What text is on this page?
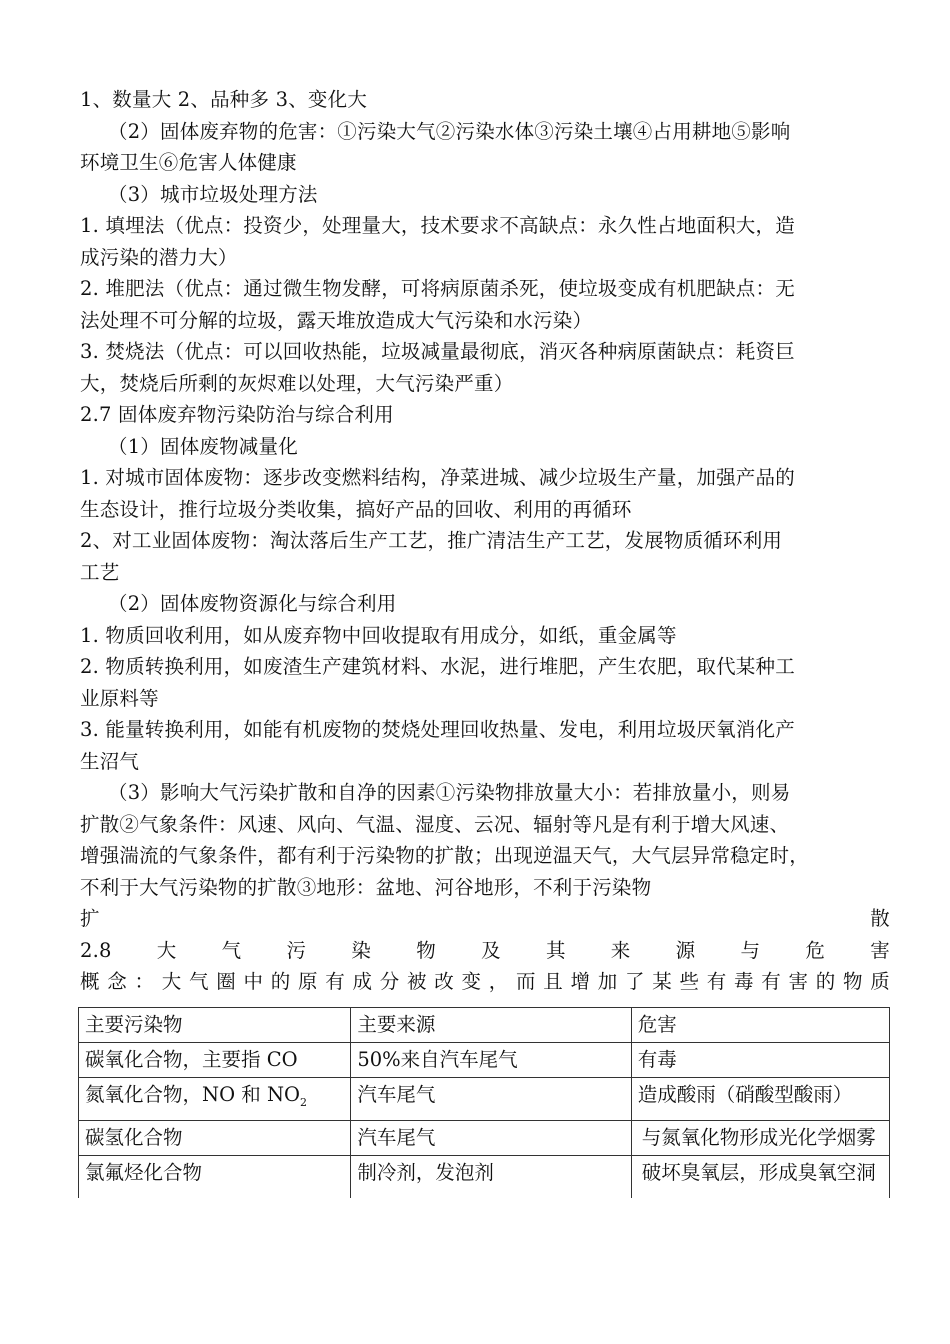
1、数量大 2、品种多 3、变化大
（2）固体废弃物的危害：①污染大气②污染水体③污染土壤④占用耕地⑤影响
环境卫生⑥危害人体健康
（3）城市垃圾处理方法
1. 填埋法（优点：投资少，处理量大，技术要求不高缺点：永久性占地面积大，造
成污染的潜力大）
2. 堆肥法（优点：通过微生物发酵，可将病原菌杀死，使垃圾变成有机肥缺点：无
法处理不可分解的垃圾，露天堆放造成大气污染和水污染）
3. 焚烧法（优点：可以回收热能，垃圾减量最彻底，消灭各种病原菌缺点：耗资巨
大，焚烧后所剩的灰烬难以处理，大气污染严重）
2.7 固体废弃物污染防治与综合利用
（1）固体废物减量化
1. 对城市固体废物：逐步改变燃料结构，净菜进城、减少垃圾生产量，加强产品的
生态设计，推行垃圾分类收集，搞好产品的回收、利用的再循环
2、对工业固体废物：淘汰落后生产工艺，推广清洁生产工艺，发展物质循环利用
工艺
（2）固体废物资源化与综合利用
1. 物质回收利用，如从废弃物中回收提取有用成分，如纸，重金属等
2. 物质转换利用，如废渣生产建筑材料、水泥，进行堆肥，产生农肥，取代某种工
业原料等
3. 能量转换利用，如能有机废物的焚烧处理回收热量、发电，利用垃圾厌氧消化产
生沼气
（3）影响大气污染扩散和自净的因素①污染物排放量大小：若排放量小，则易
扩散②气象条件：风速、风向、气温、湿度、云况、辐射等凡是有利于增大风速、
增强湍流的气象条件，都有利于污染物的扩散；出现逆温天气，大气层异常稳定时，
不利于大气污染物的扩散③地形：盆地、河谷地形，不利于污染物
扩	散
2.8 大 气 污 染 物 及 其 来 源 与 危 害
概 念 ： 大 气 圈 中 的 原 有 成 分 被 改 变 ， 而 且 增 加 了 某 些 有 毒 有 害 的 物 质
主要污染物	主要来源	危害
碳氧化合物，主要指 CO	50%来自汽车尾气	有毒
氮氧化合物，NO 和 $NO_2$	汽车尾气	造成酸雨（硝酸型酸雨）
碳氢化合物	汽车尾气	与氮氧化物形成光化学烟雾
氯氟烃化合物	制冷剂，发泡剂	破坏臭氧层，形成臭氧空洞
